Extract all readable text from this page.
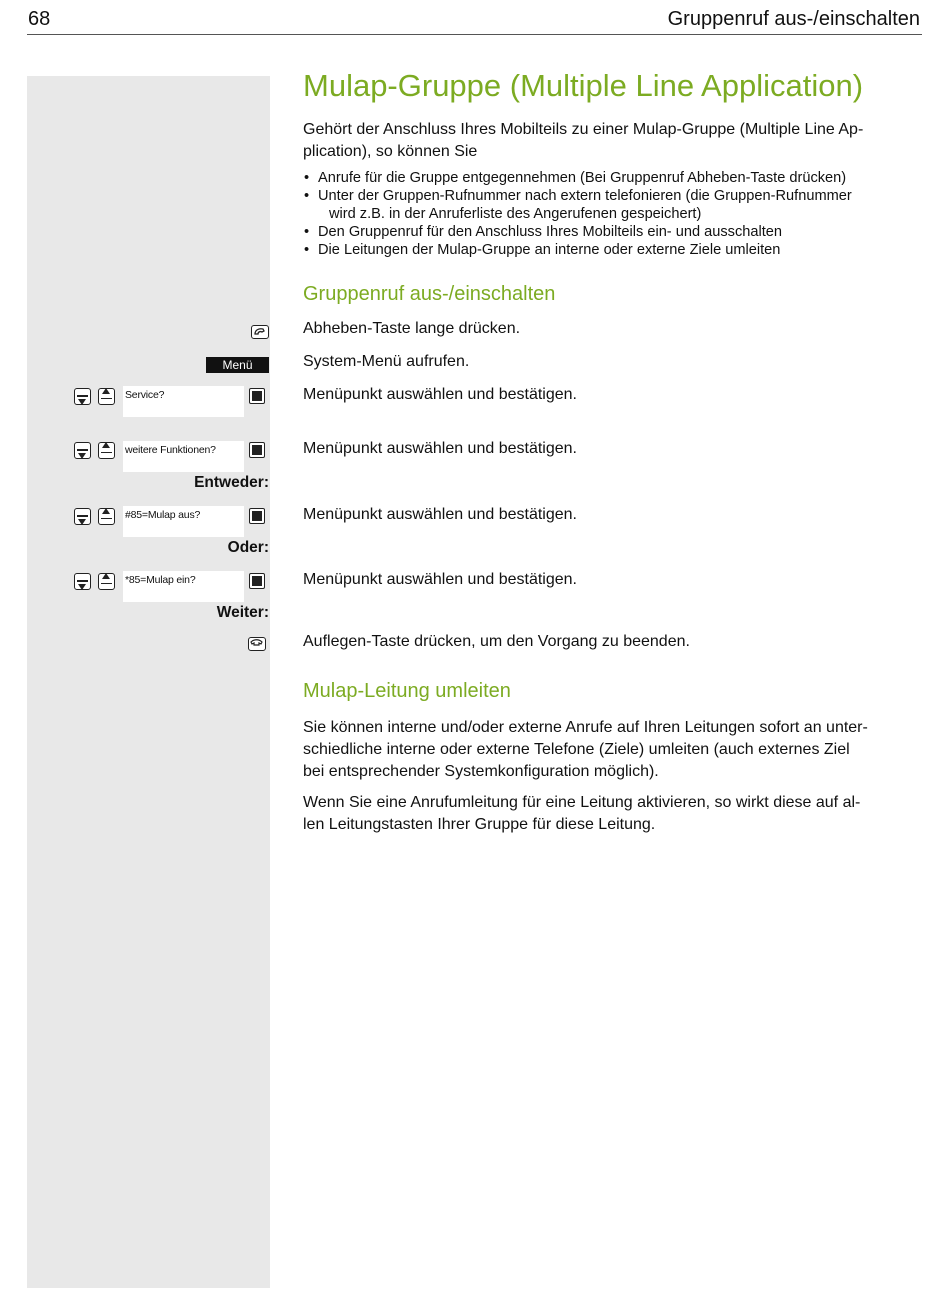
68	Gruppenruf aus-/einschalten
Mulap-Gruppe (Multiple Line Application)
Gehört der Anschluss Ihres Mobilteils zu einer Mulap-Gruppe (Multiple Line Ap-
plication), so können Sie
• Anrufe für die Gruppe entgegennehmen (Bei Gruppenruf Abheben-Taste drücken)
• Unter der Gruppen-Rufnummer nach extern telefonieren (die Gruppen-Rufnummer
wird z.B. in der Anruferliste des Angerufenen gespeichert)
• Den Gruppenruf für den Anschluss Ihres Mobilteils ein- und ausschalten
• Die Leitungen der Mulap-Gruppe an interne oder externe Ziele umleiten
Gruppenruf aus-/einschalten
Abheben-Taste lange drücken.
Menü	System-Menü aufrufen.
Service?	Menüpunkt auswählen und bestätigen.
weitere Funktionen?	Menüpunkt auswählen und bestätigen.
Entweder:
#85=Mulap aus?	Menüpunkt auswählen und bestätigen.
Oder:
*85=Mulap ein?	Menüpunkt auswählen und bestätigen.
Weiter:
Auflegen-Taste drücken, um den Vorgang zu beenden.
Mulap-Leitung umleiten
Sie können interne und/oder externe Anrufe auf Ihren Leitungen sofort an unter-
schiedliche interne oder externe Telefone (Ziele) umleiten (auch externes Ziel
bei entsprechender Systemkonfiguration möglich).
Wenn Sie eine Anrufumleitung für eine Leitung aktivieren, so wirkt diese auf al-
len Leitungstasten Ihrer Gruppe für diese Leitung.
